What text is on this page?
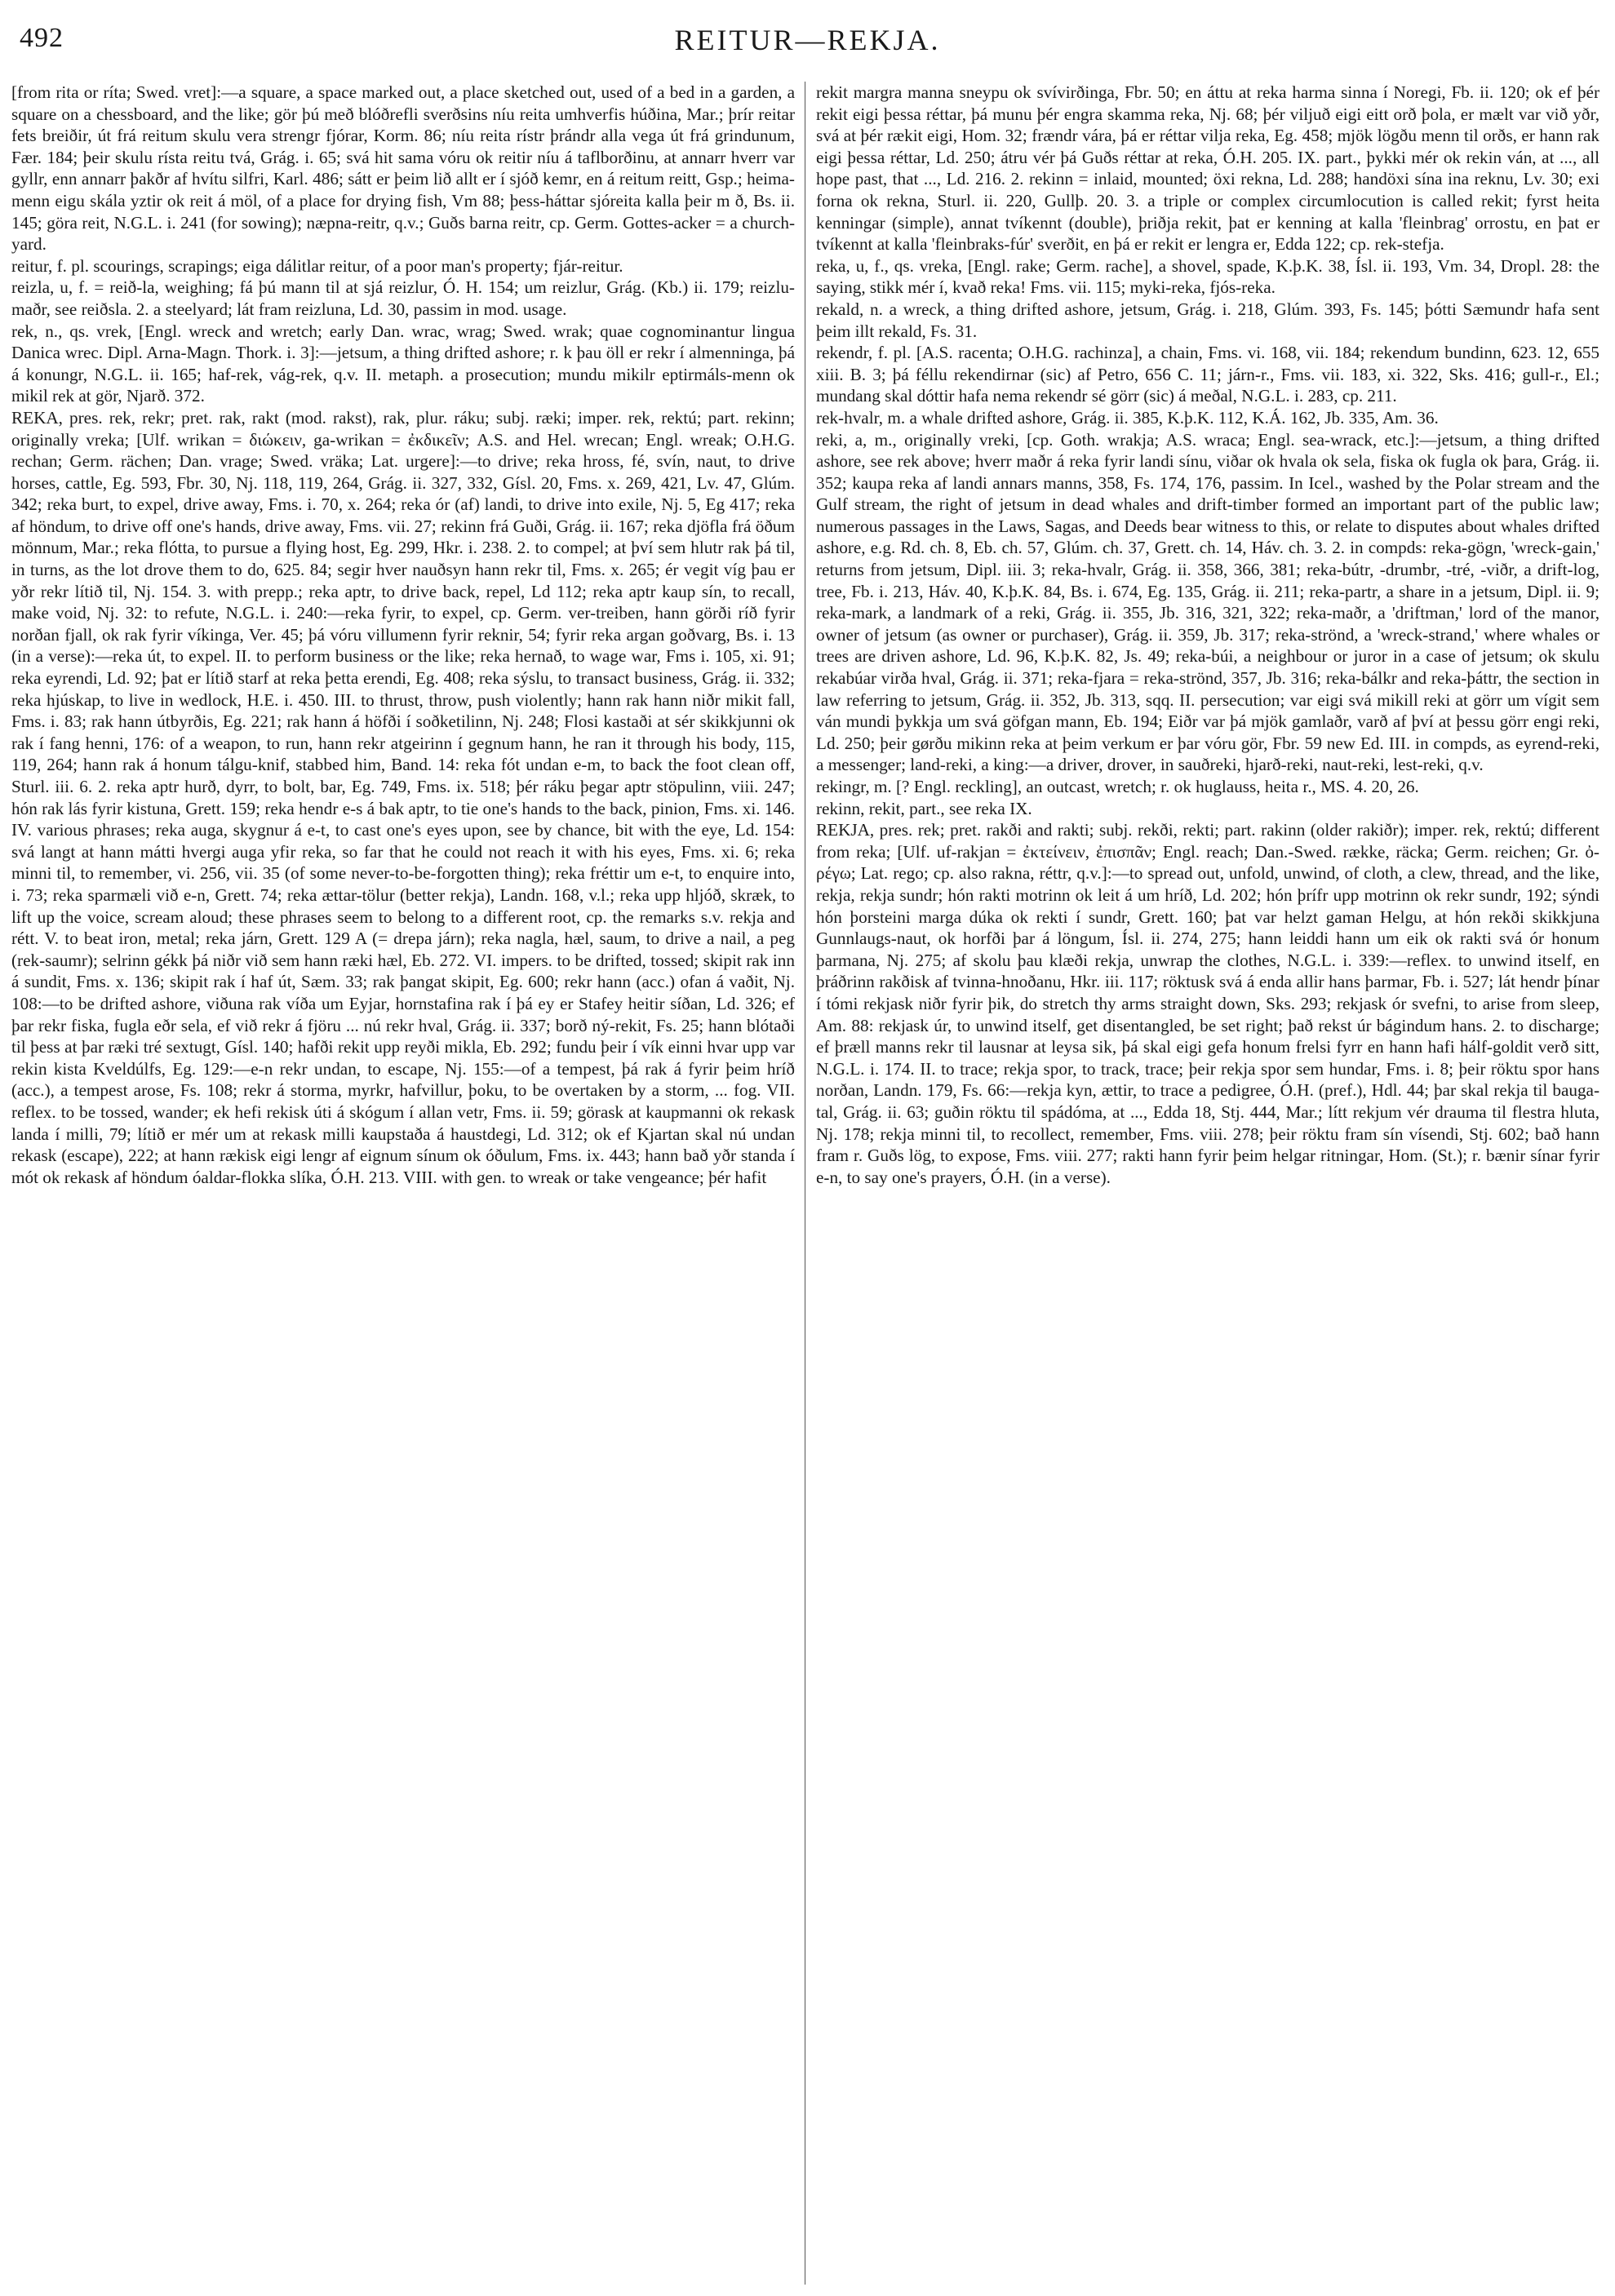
492	REITUR—REKJA.

[from rita or ríta; Swed. vret]:—a square, a space marked out, a place sketched out, used of a bed in a garden, a square on a chessboard, and the like; gör þú með blóðrefli sverðsins níu reita umhverfis húðina, Mar.; þrír reitar fets breiðir, út frá reitum skulu vera strengr fjórar, Korm. 86; níu reita rístr þrándr alla vega út frá grindunum, Fær. 184; þeir skulu rísta reitu tvá, Grág. i. 65; svá hit sama vóru ok reitir níu á taflborðinu, at annarr hverr var gyllr, enn annarr þakðr af hvítu silfri, Karl. 486; sátt er þeim lið allt er í sjóð kemr, en á reitum reitt, Gsp.; heima-menn eigu skála yztir ok reit á möl, of a place for drying fish, Vm 88; þess-háttar sjóreita kalla þeir m ð, Bs. ii. 145; göra reit, N.G.L. i. 241 (for sowing); næpna-reitr, q.v.; Guðs barna reitr, cp. Germ. Gottes-acker = a church-yard.

reitur, f. pl. scourings, scrapings; eiga dálitlar reitur, of a poor man's property; fjár-reitur.

reizla, u, f. = reið-la, weighing; fá þú mann til at sjá reizlur, Ó. H. 154; um reizlur, Grág. (Kb.) ii. 179; reizlu-maðr, see reiðsla. 2. a steelyard; lát fram reizluna, Ld. 30, passim in mod. usage.

rek, n., qs. vrek, [Engl. wreck and wretch; early Dan. wrac, wrag; Swed. wrak; quae cognominantur lingua Danica wrec. Dipl. Arna-Magn. Thork. i. 3]:—jetsum, a thing drifted ashore; r. k þau öll er rekr í almenninga, þá á konungr, N.G.L. ii. 165; haf-rek, vág-rek, q.v. II. metaph. a prosecution; mundu mikilr eptirmáls-menn ok mikil rek at gör, Njarð. 372.

REKA, pres. rek, rekr; pret. rak, rakt (mod. rakst), rak, plur. ráku; subj. ræki; imper. rek, rektú; part. rekinn; originally vreka; [Ulf. wrikan = διώκειν, ga-wrikan = ἐκδικεῖν; A.S. and Hel. wrecan; Engl. wreak; O.H.G. rechan; Germ. rächen; Dan. vrage; Swed. vräka; Lat. urgere]:—to drive; reka hross, fé, svín, naut, to drive horses, cattle, Eg. 593, Fbr. 30, Nj. 118, 119, 264, Grág. ii. 327, 332, Gísl. 20, Fms. x. 269, 421, Lv. 47, Glúm. 342; reka burt, to expel, drive away, Fms. i. 70, x. 264; reka ór (af) landi, to drive into exile, Nj. 5, Eg 417; reka af höndum, to drive off one's hands, drive away, Fms. vii. 27; rekinn frá Guði, Grág. ii. 167; reka djöfla frá öðum mönnum, Mar.; reka flótta, to pursue a flying host, Eg. 299, Hkr. i. 238. 2. to compel; at því sem hlutr rak þá til, in turns, as the lot drove them to do, 625. 84; segir hver nauðsyn hann rekr til, Fms. x. 265; ér vegit víg þau er yðr rekr lítið til, Nj. 154. 3. with prepp.; reka aptr, to drive back, repel, Ld 112; reka aptr kaup sín, to recall, make void, Nj. 32: to refute, N.G.L. i. 240:—reka fyrir, to expel, cp. Germ. ver-treiben, hann görði ríð fyrir norðan fjall, ok rak fyrir víkinga, Ver. 45; þá vóru villumenn fyrir reknir, 54; fyrir reka argan goðvarg, Bs. i. 13 (in a verse):—reka út, to expel. II. to perform business or the like; reka hernað, to wage war, Fms i. 105, xi. 91; reka eyrendi, Ld. 92; þat er lítið starf at reka þetta erendi, Eg. 408; reka sýslu, to transact business, Grág. ii. 332; reka hjúskap, to live in wedlock, H.E. i. 450. III. to thrust, throw, push violently; hann rak hann niðr mikit fall, Fms. i. 83; rak hann útbyrðis, Eg. 221; rak hann á höfði í soðketilinn, Nj. 248; Flosi kastaði at sér skikkjunni ok rak í fang henni, 176: of a weapon, to run, hann rekr atgeirinn í gegnum hann, he ran it through his body, 115, 119, 264; hann rak á honum tálgu-knif, stabbed him, Band. 14: reka fót undan e-m, to back the foot clean off, Sturl. iii. 6. 2. reka aptr hurð, dyrr, to bolt, bar, Eg. 749, Fms. ix. 518; þér ráku þegar aptr stöpulinn, viii. 247; hón rak lás fyrir kistuna, Grett. 159; reka hendr e-s á bak aptr, to tie one's hands to the back, pinion, Fms. xi. 146. IV. various phrases; reka auga, skygnur á e-t, to cast one's eyes upon, see by chance, bit with the eye, Ld. 154: svá langt at hann mátti hvergi auga yfir reka, so far that he could not reach it with his eyes, Fms. xi. 6; reka minni til, to remember, vi. 256, vii. 35 (of some never-to-be-forgotten thing); reka fréttir um e-t, to enquire into, i. 73; reka sparmæli við e-n, Grett. 74; reka ættar-tölur (better rekja), Landn. 168, v.l.; reka upp hljóð, skræk, to lift up the voice, scream aloud; these phrases seem to belong to a different root, cp. the remarks s.v. rekja and rétt. V. to beat iron, metal; reka járn, Grett. 129 A (= drepa járn); reka nagla, hæl, saum, to drive a nail, a peg (rek-saumr); selrinn gékk þá niðr við sem hann ræki hæl, Eb. 272. VI. impers. to be drifted, tossed; skipit rak inn á sundit, Fms. x. 136; skipit rak í haf út, Sæm. 33; rak þangat skipit, Eg. 600; rekr hann (acc.) ofan á vaðit, Nj. 108:—to be drifted ashore, viðuna rak víða um Eyjar, hornstafina rak í þá ey er Stafey heitir síðan, Ld. 326; ef þar rekr fiska, fugla eðr sela, ef við rekr á fjöru ... nú rekr hval, Grág. ii. 337; borð ný-rekit, Fs. 25; hann blótaði til þess at þar ræki tré sextugt, Gísl. 140; hafði rekit upp reyði mikla, Eb. 292; fundu þeir í vík einni hvar upp var rekin kista Kveldúlfs, Eg. 129:—e-n rekr undan, to escape, Nj. 155:—of a tempest, þá rak á fyrir þeim hríð (acc.), a tempest arose, Fs. 108; rekr á storma, myrkr, hafvillur, þoku, to be overtaken by a storm, ... fog. VII. reflex. to be tossed, wander; ek hefi rekisk úti á skógum í allan vetr, Fms. ii. 59; görask at kaupmanni ok rekask landa í milli, 79; lítið er mér um at rekask milli kaupstaða á haustdegi, Ld. 312; ok ef Kjartan skal nú undan rekask (escape), 222; at hann rækisk eigi lengr af eignum sínum ok óðulum, Fms. ix. 443; hann bað yðr standa í mót ok rekask af höndum óaldar-flokka slíka, Ó.H. 213. VIII. with gen. to wreak or take vengeance; þér hafit

rekit margra manna sneypu ok svívirðinga, Fbr. 50; en áttu at reka harma sinna í Noregi, Fb. ii. 120; ok ef þér rekit eigi þessa réttar, þá munu þér engra skamma reka, Nj. 68; þér viljuð eigi eitt orð þola, er mælt var við yðr, svá at þér rækit eigi, Hom. 32; frændr vára, þá er réttar vilja reka, Eg. 458; mjök lögðu menn til orðs, er hann rak eigi þessa réttar, Ld. 250; átru vér þá Guðs réttar at reka, Ó.H. 205. IX. part., þykki mér ok rekin ván, at ..., all hope past, that ..., Ld. 216. 2. rekinn = inlaid, mounted; öxi rekna, Ld. 288; handöxi sína ina reknu, Lv. 30; exi forna ok rekna, Sturl. ii. 220, Gullþ. 20. 3. a triple or complex circumlocution is called rekit; fyrst heita kenningar (simple), annat tvíkennt (double), þriðja rekit, þat er kenning at kalla 'fleinbrag' orrostu, en þat er tvíkennt at kalla 'fleinbraks-fúr' sverðit, en þá er rekit er lengra er, Edda 122; cp. rek-stefja.

reka, u, f., qs. vreka, [Engl. rake; Germ. rache], a shovel, spade, K.þ.K. 38, Ísl. ii. 193, Vm. 34, Dropl. 28: the saying, stikk mér í, kvað reka! Fms. vii. 115; myki-reka, fjós-reka.

rekald, n. a wreck, a thing drifted ashore, jetsum, Grág. i. 218, Glúm. 393, Fs. 145; þótti Sæmundr hafa sent þeim illt rekald, Fs. 31.

rekendr, f. pl. [A.S. racenta; O.H.G. rachinza], a chain, Fms. vi. 168, vii. 184; rekendum bundinn, 623. 12, 655 xiii. B. 3; þá féllu rekendirnar (sic) af Petro, 656 C. 11; járn-r., Fms. vii. 183, xi. 322, Sks. 416; gull-r., El.; mundang skal dóttir hafa nema rekendr sé görr (sic) á meðal, N.G.L. i. 283, cp. 211.

rek-hvalr, m. a whale drifted ashore, Grág. ii. 385, K.þ.K. 112, K.Á. 162, Jb. 335, Am. 36.

reki, a, m., originally vreki, [cp. Goth. wrakja; A.S. wraca; Engl. sea-wrack, etc.]:—jetsum, a thing drifted ashore, see rek above; hverr maðr á reka fyrir landi sínu, viðar ok hvala ok sela, fiska ok fugla ok þara, Grág. ii. 352; kaupa reka af landi annars manns, 358, Fs. 174, 176, passim. In Icel., washed by the Polar stream and the Gulf stream, the right of jetsum in dead whales and drift-timber formed an important part of the public law; numerous passages in the Laws, Sagas, and Deeds bear witness to this, or relate to disputes about whales drifted ashore, e.g. Rd. ch. 8, Eb. ch. 57, Glúm. ch. 37, Grett. ch. 14, Háv. ch. 3. 2. in compds: reka-gögn, 'wreck-gain,' returns from jetsum, Dipl. iii. 3; reka-hvalr, Grág. ii. 358, 366, 381; reka-bútr, -drumbr, -tré, -viðr, a drift-log, tree, Fb. i. 213, Háv. 40, K.þ.K. 84, Bs. i. 674, Eg. 135, Grág. ii. 211; reka-partr, a share in a jetsum, Dipl. ii. 9; reka-mark, a landmark of a reki, Grág. ii. 355, Jb. 316, 321, 322; reka-maðr, a 'driftman,' lord of the manor, owner of jetsum (as owner or purchaser), Grág. ii. 359, Jb. 317; reka-strönd, a 'wreck-strand,' where whales or trees are driven ashore, Ld. 96, K.þ.K. 82, Js. 49; reka-búi, a neighbour or juror in a case of jetsum; ok skulu rekabúar virða hval, Grág. ii. 371; reka-fjara = reka-strönd, 357, Jb. 316; reka-bálkr and reka-þáttr, the section in law referring to jetsum, Grág. ii. 352, Jb. 313, sqq. II. persecution; var eigi svá mikill reki at görr um vígit sem ván mundi þykkja um svá göfgan mann, Eb. 194; Eiðr var þá mjök gamlaðr, varð af því at þessu görr engi reki, Ld. 250; þeir gørðu mikinn reka at þeim verkum er þar vóru gör, Fbr. 59 new Ed. III. in compds, as eyrend-reki, a messenger; land-reki, a king:—a driver, drover, in sauðreki, hjarð-reki, naut-reki, lest-reki, q.v.

rekingr, m. [? Engl. reckling], an outcast, wretch; r. ok huglauss, heita r., MS. 4. 20, 26.

rekinn, rekit, part., see reka IX.

REKJA, pres. rek; pret. rakði and rakti; subj. rekði, rekti; part. rakinn (older rakiðr); imper. rek, rektú; different from reka; [Ulf. uf-rakjan = ἐκτείνειν, ἐπισπᾶν; Engl. reach; Dan.-Swed. række, räcka; Germ. reichen; Gr. ὀ-ρέγω; Lat. rego; cp. also rakna, réttr, q.v.]:—to spread out, unfold, unwind, of cloth, a clew, thread, and the like, rekja, rekja sundr; hón rakti motrinn ok leit á um hríð, Ld. 202; hón þrífr upp motrinn ok rekr sundr, 192; sýndi hón þorsteini marga dúka ok rekti í sundr, Grett. 160; þat var helzt gaman Helgu, at hón rekði skikkjuna Gunnlaugs-naut, ok horfði þar á löngum, Ísl. ii. 274, 275; hann leiddi hann um eik ok rakti svá ór honum þarmana, Nj. 275; af skolu þau klæði rekja, unwrap the clothes, N.G.L. i. 339:—reflex. to unwind itself, en þráðrinn rakðisk af tvinna-hnoðanu, Hkr. iii. 117; röktusk svá á enda allir hans þarmar, Fb. i. 527; lát hendr þínar í tómi rekjask niðr fyrir þik, do stretch thy arms straight down, Sks. 293; rekjask ór svefni, to arise from sleep, Am. 88: rekjask úr, to unwind itself, get disentangled, be set right; það rekst úr bágindum hans. 2. to discharge; ef þræll manns rekr til lausnar at leysa sik, þá skal eigi gefa honum frelsi fyrr en hann hafi hálf-goldit verð sitt, N.G.L. i. 174. II. to trace; rekja spor, to track, trace; þeir rekja spor sem hundar, Fms. i. 8; þeir röktu spor hans norðan, Landn. 179, Fs. 66:—rekja kyn, ættir, to trace a pedigree, Ó.H. (pref.), Hdl. 44; þar skal rekja til bauga-tal, Grág. ii. 63; guðin röktu til spádóma, at ..., Edda 18, Stj. 444, Mar.; lítt rekjum vér drauma til flestra hluta, Nj. 178; rekja minni til, to recollect, remember, Fms. viii. 278; þeir röktu fram sín vísendi, Stj. 602; bað hann fram r. Guðs lög, to expose, Fms. viii. 277; rakti hann fyrir þeim helgar ritningar, Hom. (St.); r. bænir sínar fyrir e-n, to say one's prayers, Ó.H. (in a verse).
